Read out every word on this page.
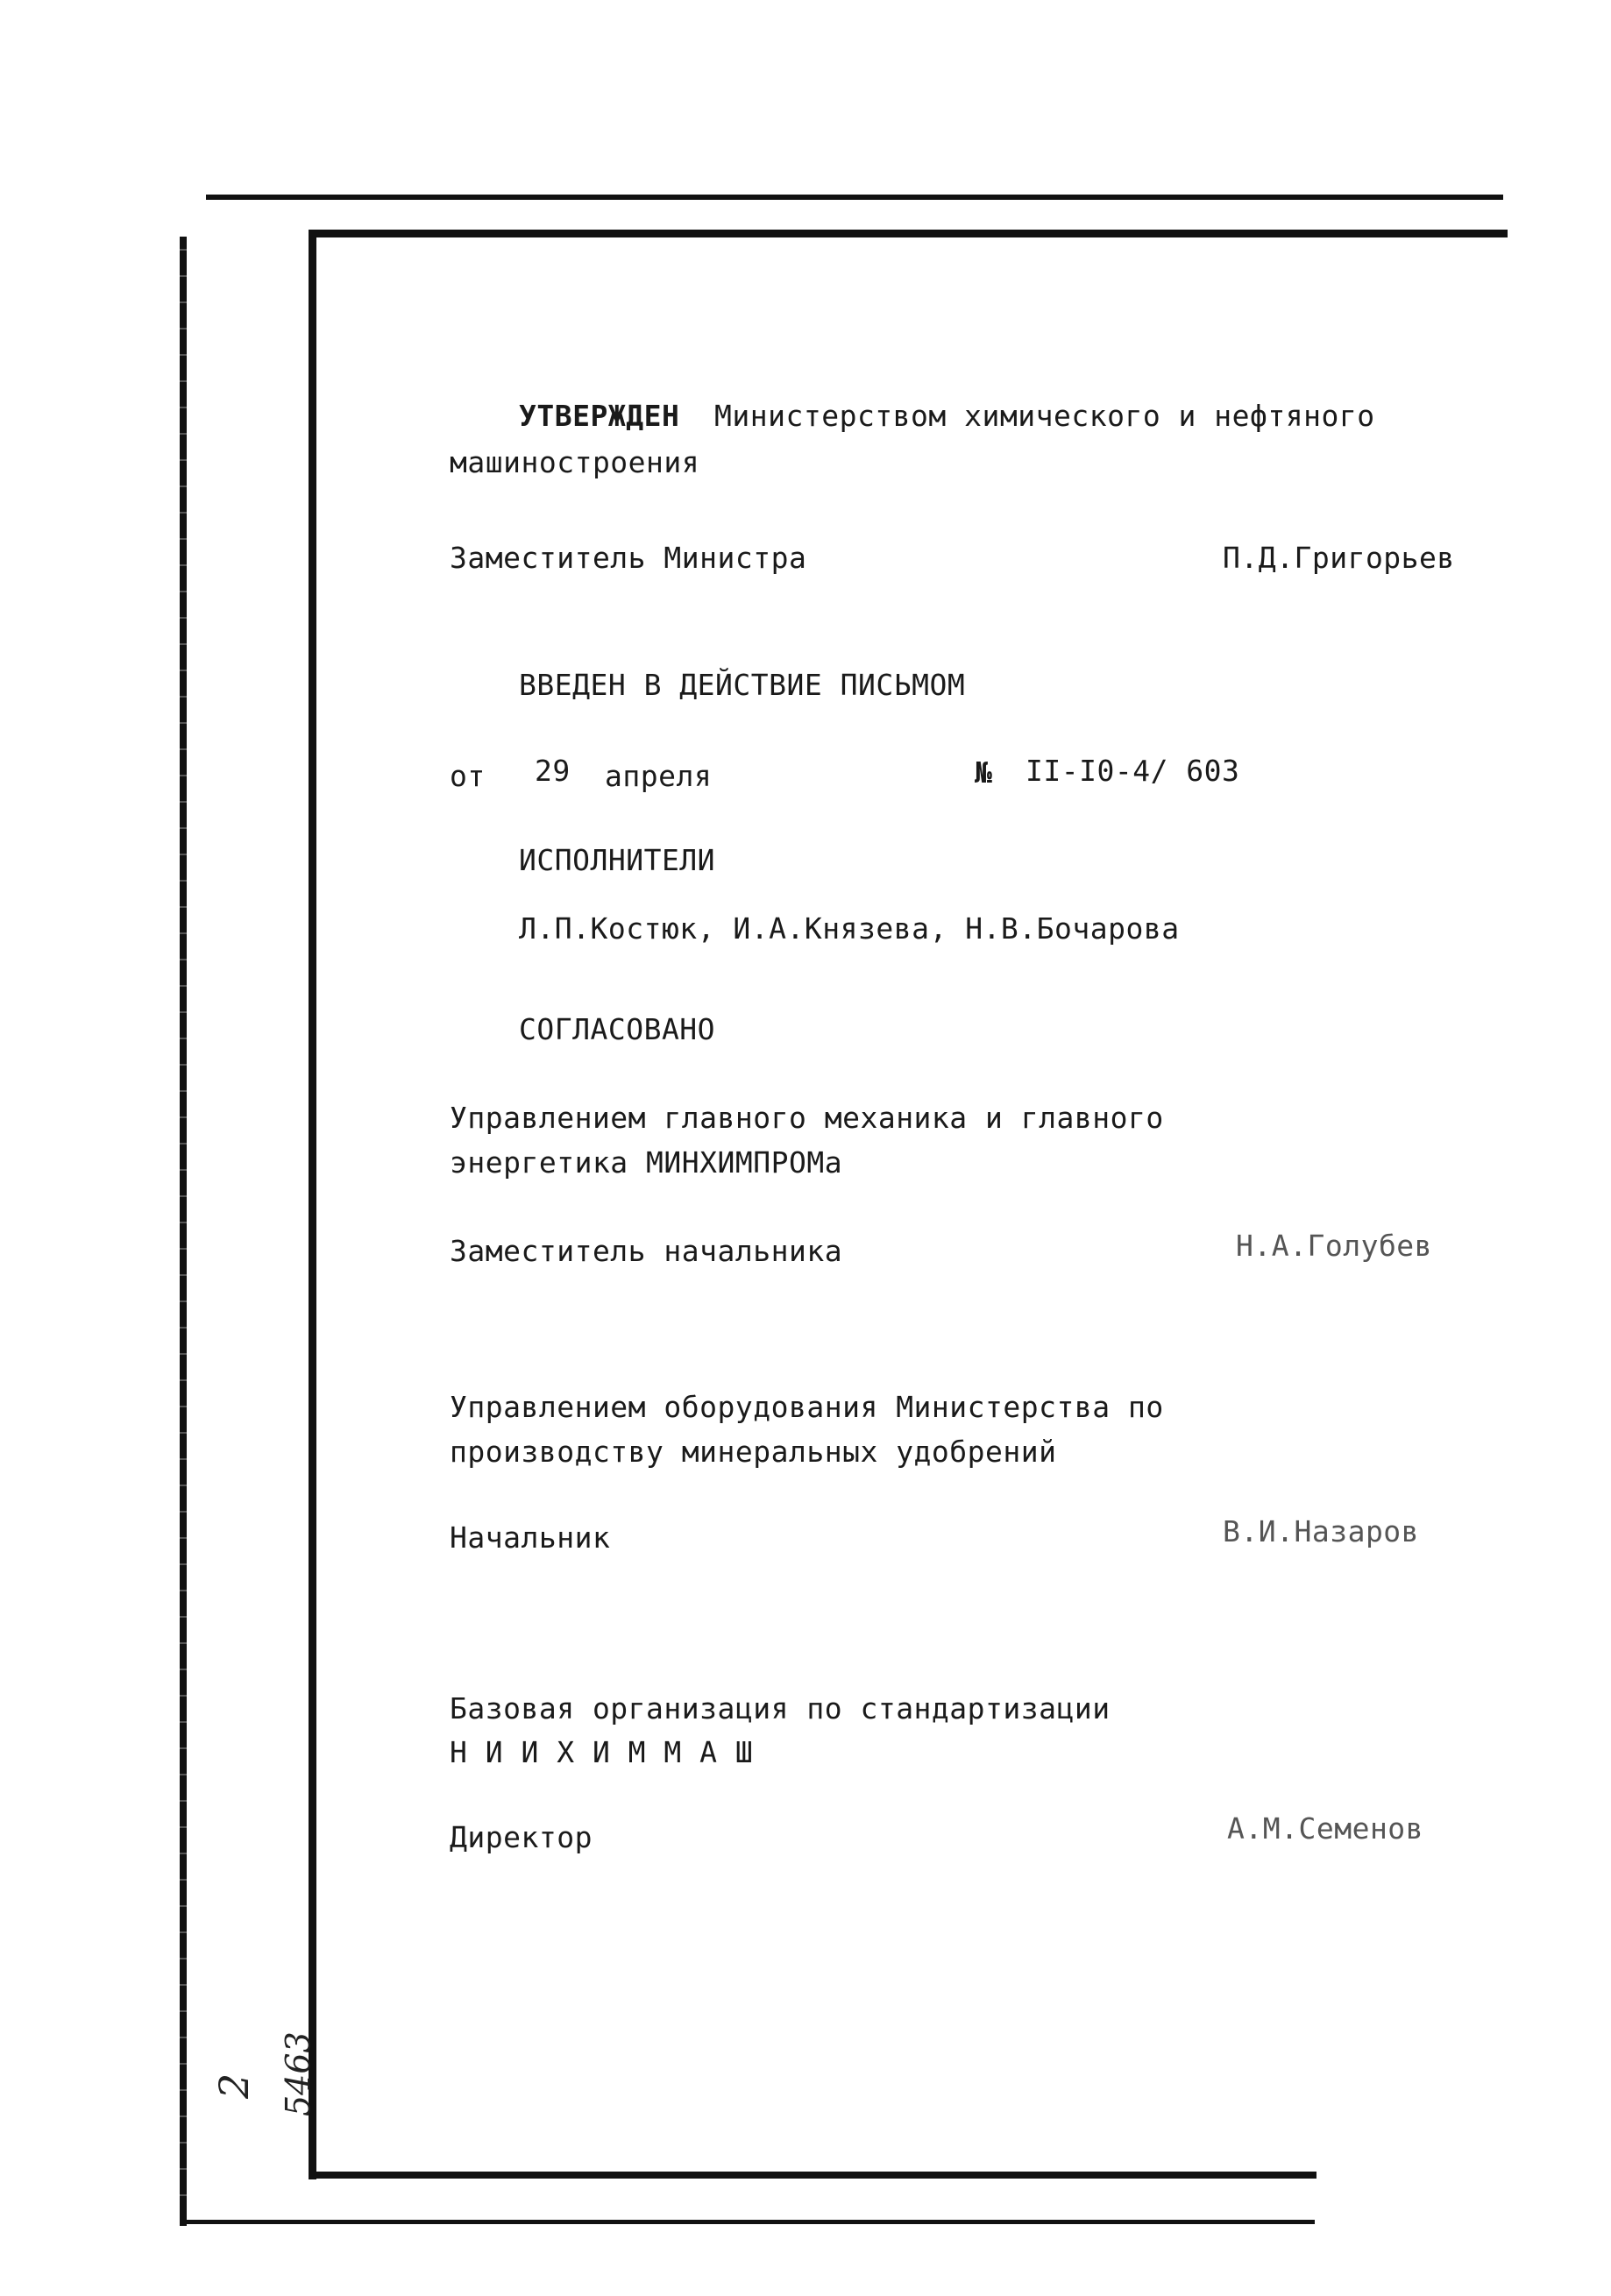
УТВЕРЖДЕН Министерством химического и нефтяного
машиностроения
Заместитель Министра	П.Д.Григорьев
ВВЕДЕН В ДЕЙСТВИЕ ПИСЬМОМ
от 29 апреля	№ II-I0-4/ 603
ИСПОЛНИТЕЛИ
Л.П.Костюк, И.А.Князева, Н.В.Бочарова
СОГЛАСОВАНО
Управлением главного механика и главного
энергетика МИНХИМПРОМа
Заместитель начальника	Н.А.Голубев
Управлением оборудования Министерства по
производству минеральных удобрений
Начальник	В.И.Назаров
Базовая организация по стандартизации
Н И И Х И М М А Ш
Директор	А.М.Семенов
2 5463
